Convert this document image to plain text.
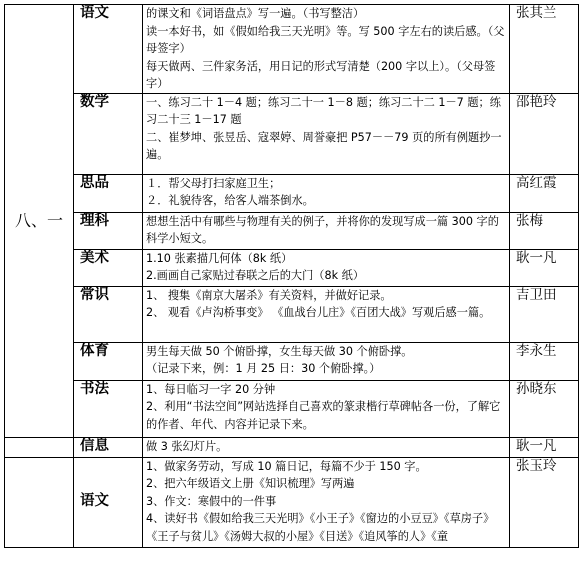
八、一	语文	的课文和《词语盘点》写一遍。（书写整洁）
读一本好书，如《假如给我三天光明》等。写 500 字左右的读后感。（父母签字）
每天做两、三件家务活，用日记的形式写清楚（200 字以上）。（父母签字）	张其兰
	数学	一、练习二十 1－4 题；练习二十一 1－8 题；练习二十二 1－7 题；练习二十三 1－17 题
二、崔梦坤、张昱岳、寇翠婷、周誉豪把 P57－－79 页的所有例题抄一遍。	邵艳玲
	思品	１．帮父母打扫家庭卫生；
２．礼貌待客，给客人端茶倒水。	高红霞
	理科	想想生活中有哪些与物理有关的例子，并将你的发现写成一篇 300 字的科学小短文。	张梅
	美术	1.10 张素描几何体（8k 纸）
2.画画自己家贴过春联之后的大门（8k 纸）	耿一凡
	常识	1、 搜集《南京大屠杀》有关资料，并做好记录。
2、 观看《卢沟桥事变》 《血战台儿庄》《百团大战》写观后感一篇。	吉卫田
	体育	男生每天做 50 个俯卧撑，女生每天做 30 个俯卧撑。
（记录下来，例：1 月 25 日：30 个俯卧撑。）	李永生
	书法	1、每日临习一字 20 分钟
2、利用“书法空间”网站选择自己喜欢的篆隶楷行草碑帖各一份，了解它的作者、年代、内容并记录下来。	孙晓东
	信息	做 3 张幻灯片。	耿一凡
	语文	1、做家务劳动，写成 10 篇日记，每篇不少于 150 字。
2、把六年级语文上册《知识梳理》写两遍
3、作文：寒假中的一件事
4、读好书《假如给我三天光明》《小王子》《窗边的小豆豆》《草房子》《王子与贫儿》《汤姆大叔的小屋》《目送》《追风筝的人》《童	张玉玲
